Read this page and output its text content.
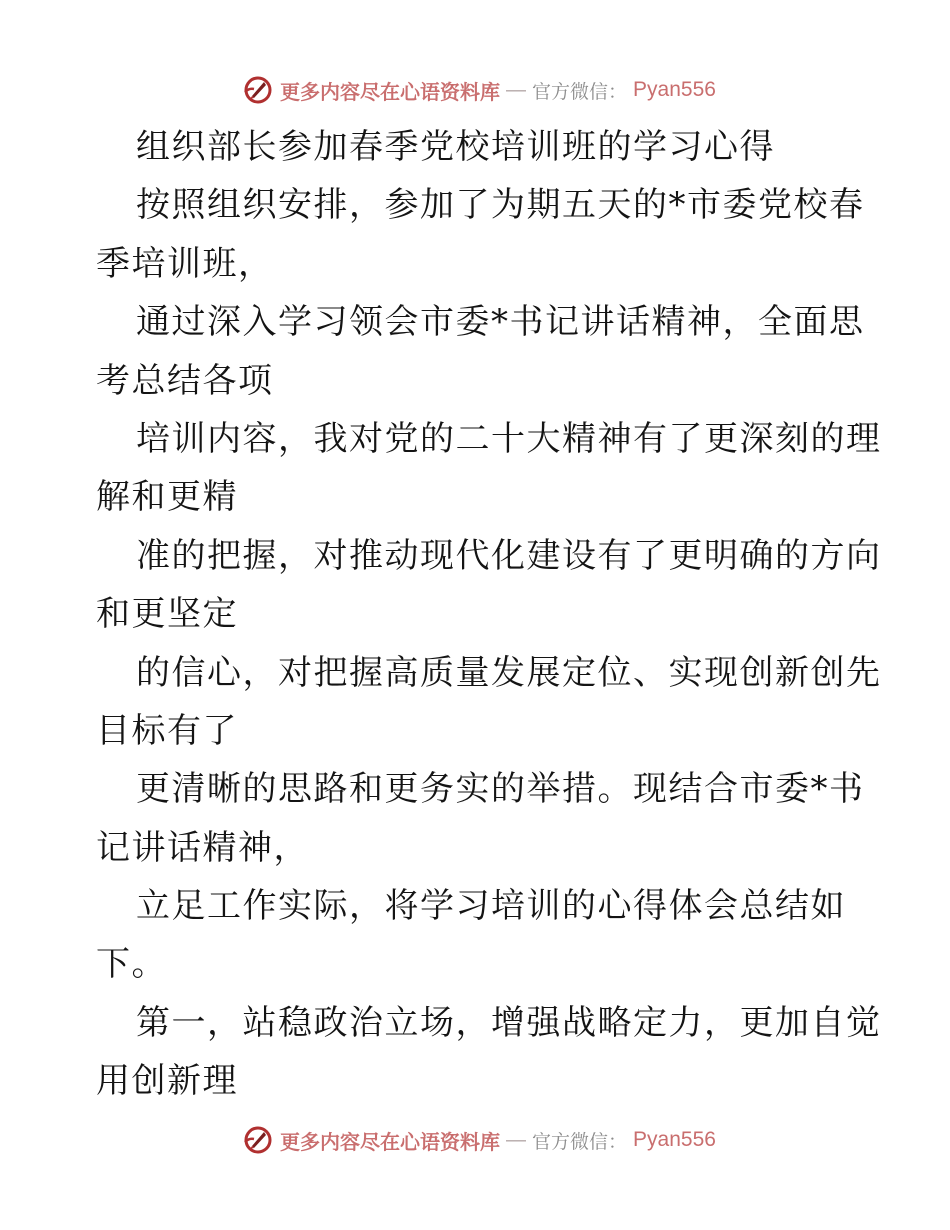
更多内容尽在心语资料库 — 官方微信： Pyan556
组织部长参加春季党校培训班的学习心得
按照组织安排，参加了为期五天的*市委党校春
季培训班，
通过深入学习领会市委*书记讲话精神，全面思
考总结各项
培训内容，我对党的二十大精神有了更深刻的理
解和更精
准的把握，对推动现代化建设有了更明确的方向
和更坚定
的信心，对把握高质量发展定位、实现创新创先
目标有了
更清晰的思路和更务实的举措。现结合市委*书
记讲话精神，
立足工作实际，将学习培训的心得体会总结如
下。
第一，站稳政治立场，增强战略定力，更加自觉
用创新理
更多内容尽在心语资料库 — 官方微信： Pyan556
